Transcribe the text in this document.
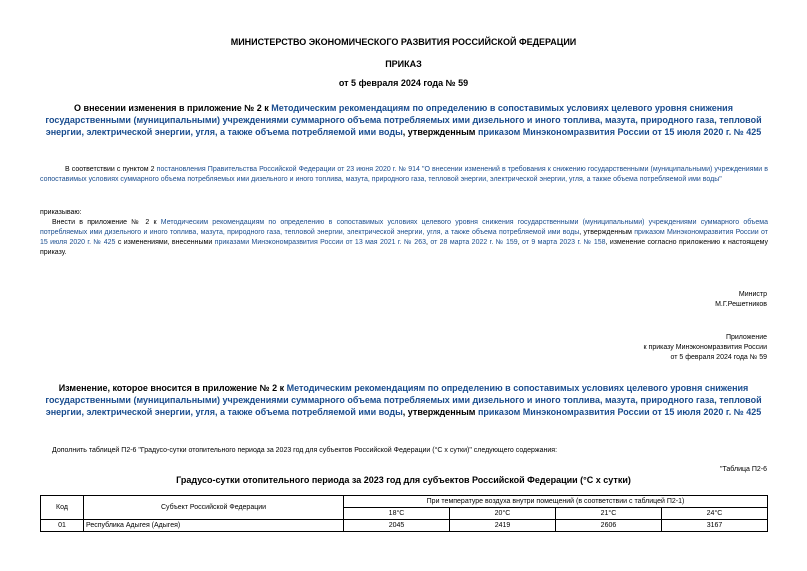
МИНИСТЕРСТВО ЭКОНОМИЧЕСКОГО РАЗВИТИЯ РОССИЙСКОЙ ФЕДЕРАЦИИ
ПРИКАЗ
от 5 февраля 2024 года № 59
О внесении изменения в приложение № 2 к Методическим рекомендациям по определению в сопоставимых условиях целевого уровня снижения государственными (муниципальными) учреждениями суммарного объема потребляемых ими дизельного и иного топлива, мазута, природного газа, тепловой энергии, электрической энергии, угля, а также объема потребляемой ими воды, утвержденным приказом Минэкономразвития России от 15 июля 2020 г. № 425
В соответствии с пунктом 2 постановления Правительства Российской Федерации от 23 июня 2020 г. № 914 "О внесении изменений в требования к снижению государственными (муниципальными) учреждениями в сопоставимых условиях суммарного объема потребляемых ими дизельного и иного топлива, мазута, природного газа, тепловой энергии, электрической энергии, угля, а также объема потребляемой ими воды"
приказываю:
Внести в приложение № 2 к Методическим рекомендациям по определению в сопоставимых условиях целевого уровня снижения государственными (муниципальными) учреждениями суммарного объема потребляемых ими дизельного и иного топлива, мазута, природного газа, тепловой энергии, электрической энергии, угля, а также объема потребляемой ими воды, утвержденным приказом Минэкономразвития России от 15 июля 2020 г. № 425 с изменениями, внесенными приказами Минэкономразвития России от 13 мая 2021 г. № 263, от 28 марта 2022 г. № 159, от 9 марта 2023 г. № 158, изменение согласно приложению к настоящему приказу.
Министр
М.Г.Решетников
Приложение
к приказу Минэкономразвития России
от 5 февраля 2024 года № 59
Изменение, которое вносится в приложение № 2 к Методическим рекомендациям по определению в сопоставимых условиях целевого уровня снижения государственными (муниципальными) учреждениями суммарного объема потребляемых ими дизельного и иного топлива, мазута, природного газа, тепловой энергии, электрической энергии, угля, а также объема потребляемой ими воды, утвержденным приказом Минэкономразвития России от 15 июля 2020 г. № 425
Дополнить таблицей П2-6 "Градусо-сутки отопительного периода за 2023 год для субъектов Российской Федерации (°С x сутки)" следующего содержания:
"Таблица П2-6
Градусо-сутки отопительного периода за 2023 год для субъектов Российской Федерации (°С x сутки)
Код	Субъект Российской Федерации	При температуре воздуха внутри помещений (в соответствии с таблицей П2-1)			
		18°С	20°С	21°С	24°С
01	Республика Адыгея (Адыгея)	2045	2419	2606	3167
